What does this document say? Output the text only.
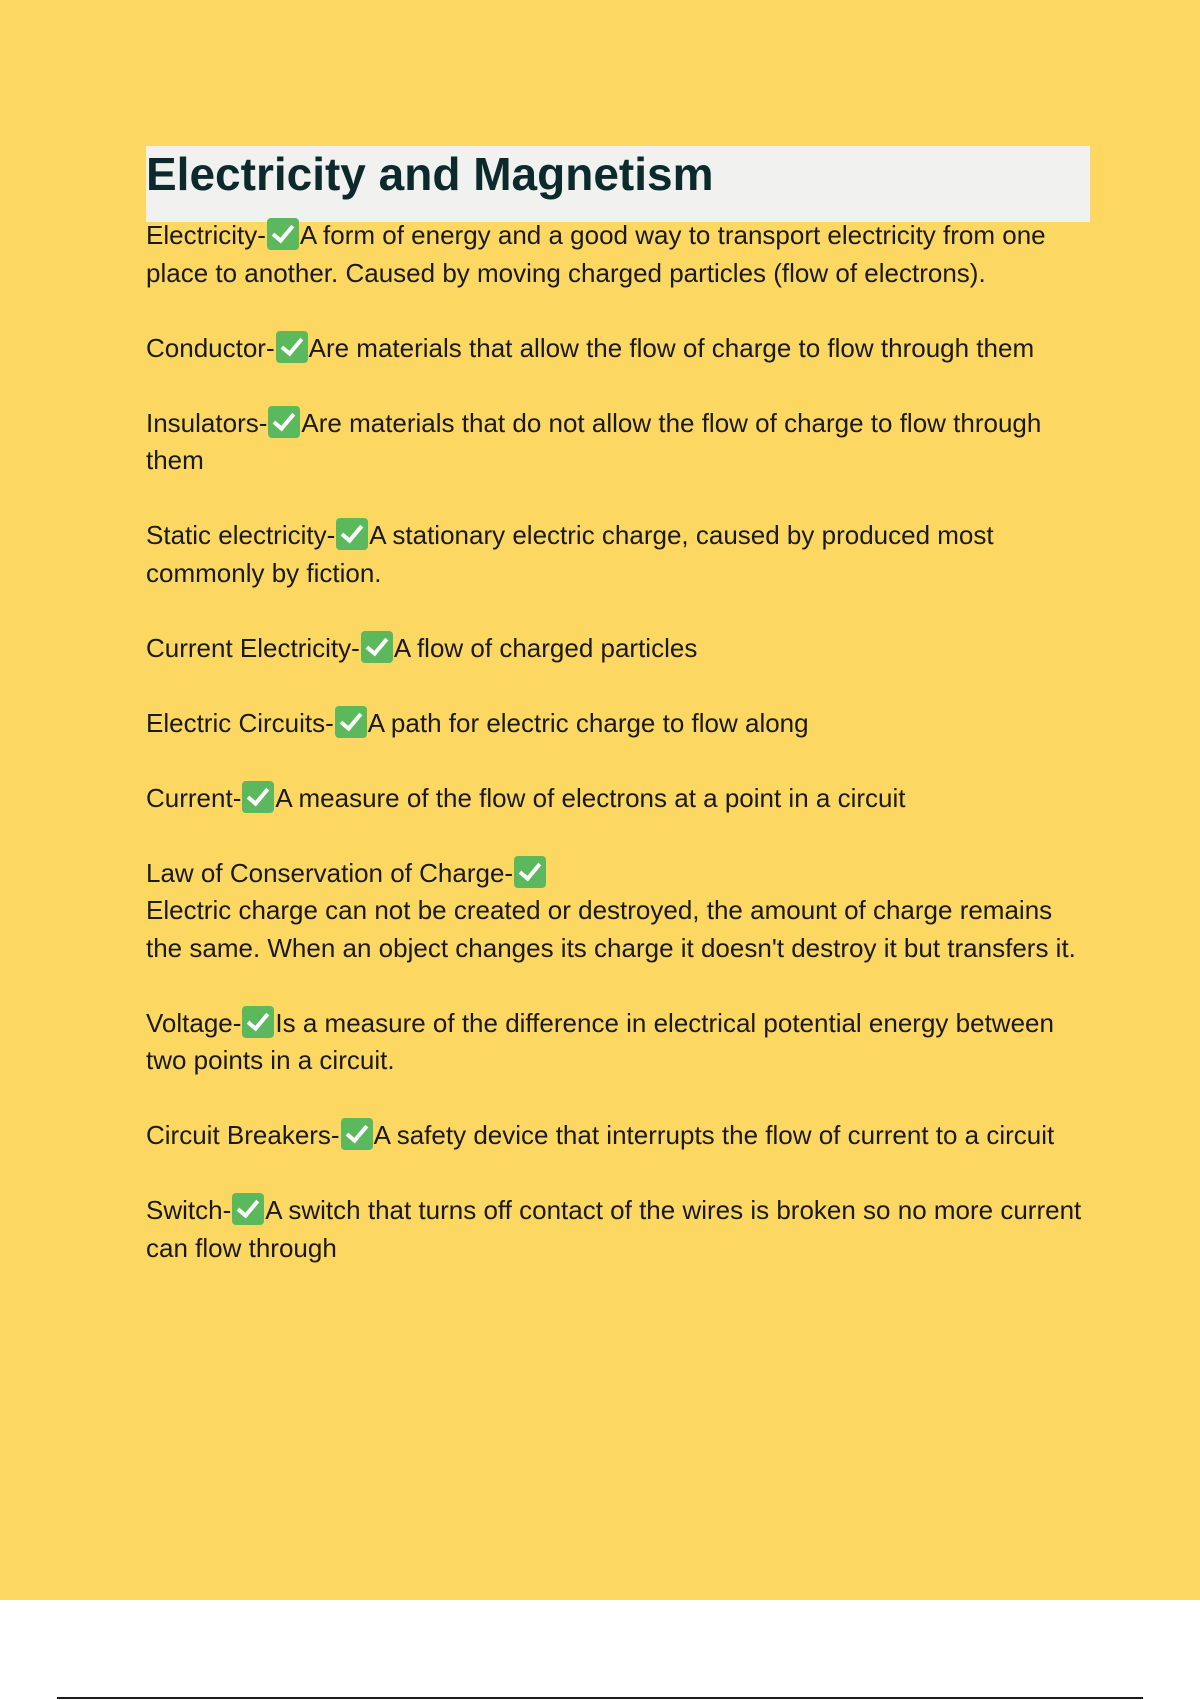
Electricity and Magnetism
Electricity- A form of energy and a good way to transport electricity from one place to another. Caused by moving charged particles (flow of electrons).
Conductor- Are materials that allow the flow of charge to flow through them
Insulators- Are materials that do not allow the flow of charge to flow through them
Static electricity- A stationary electric charge, caused by produced most commonly by fiction.
Current Electricity- A flow of charged particles
Electric Circuits- A path for electric charge to flow along
Current- A measure of the flow of electrons at a point in a circuit
Law of Conservation of Charge-
Electric charge can not be created or destroyed, the amount of charge remains the same. When an object changes its charge it doesn't destroy it but transfers it.
Voltage- Is a measure of the difference in electrical potential energy between two points in a circuit.
Circuit Breakers- A safety device that interrupts the flow of current to a circuit
Switch- A switch that turns off contact of the wires is broken so no more current can flow through
